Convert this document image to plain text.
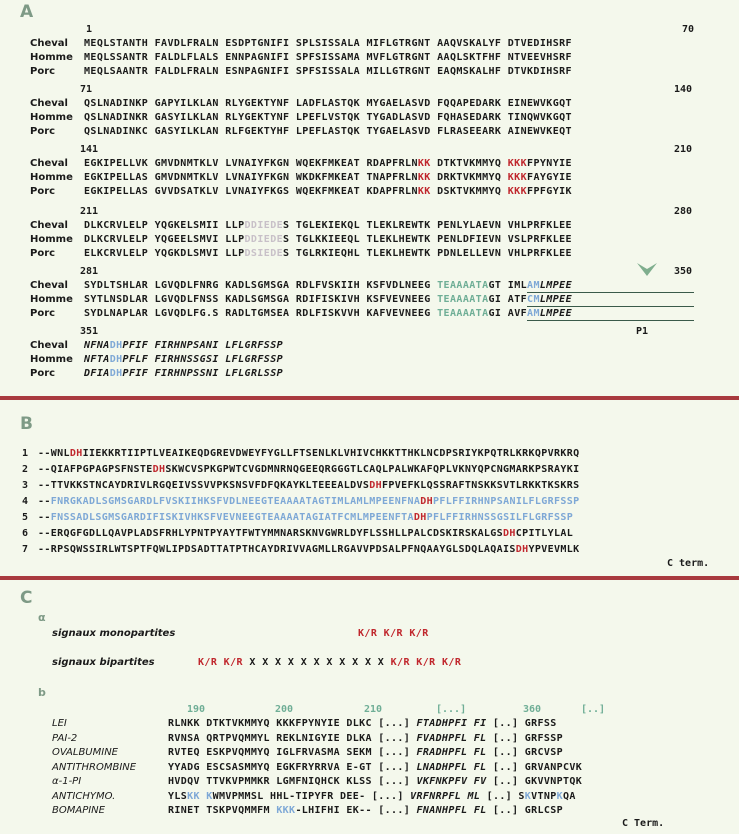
A
1	70
Cheval MEQLSTANTH FAVDLFRALN ESDPTGNIFI SPLSISSALA MIFLGTRGNT AAQVSKALYF DTVEDIHSRF
Homme MEQLSSANTR FALDLFLALS ENNPAGNIFI SPFSISSAMA MVFLGTRGNT AAQLSKTFHF NTVEEVHSRF
Porc	MEQLSAANTR FALDLFRALN ESNPAGNIFI SPFSISSALA MILLGTRGNT EAQMSKALHF DTVKDIHSRF
71	140
Cheval QSLNADINKP GAPYILKLAN RLYGEKTYNF LADFLASTQK MYGAELASVD FQQAPEDARK EINEWVKGQT
Homme QSLNADINKR GASYILKLAN RLYGEKTYNF LPEFLVSTQK TYGADLASVD FQHASEDARK TINQWVKGQT
Porc	QSLNADINKC GASYILKLAN RLFGEKTYHF LPEFLASTQK TYGAELASVD FLRASEEARK AINEWVKEQT
141	210
Cheval EGKIPELLVK GMVDNMTKLV LVNAIYFKGN WQEKFMKEAT RDAPFRLNKK DTKTVKMMYQ KKKFPYNYIE
Homme EGKIPELLAS GMVDNMTKLV LVNAIYFKGN WKDKFMKEAT TNAPFRLNKK DRKTVKMMYQ KKKFAYGYIE
Porc	EGKIPELLAS GVVDSATKLV LVNAIYFKGS WQEKFMKEAT KDAPFRLNKK DSKTVKMMYQ KKKFPFGYIK
211	280
Cheval DLKCRVLELP YQGKELSMII LLPDDIEDES TGLEKIEKQL TLEKLREWTK PENLYLAEVN VHLPRFKLEE
Homme DLKCRVLELP YQGEELSMVI LLPDDIEDES TGLKKIEEQL TLEKLHEWTK PENLDFIEVN VSLPRFKLEE
Porc	ELKCRVLELP YQGKDLSMVI LLPDSIEDES TGLRKIEQHL TLEKLHEWTK PDNLELLEVN VHLPRFKLEE
281	350
Cheval SYDLTSHLAR LGVQDLFNRG KADLSGMSGA RDLFVSKIIH KSFVDLNEEG TEAAAATAGT IMLAMLMPEE
Homme SYTLNSDLAR LGVQDLFNSS KADLSGMSGA RDIFISKIVH KSFVEVNEEG TEAAAATAGI ATFCMLMPEE
Porc	SYDLNAPLAR LGVQDLFG.S RADLTGMSEA RDLFISKVVH KAFVEVNEEG TEAAAATAGI AVFAMLMPEE
351
Cheval NFNADHPFIF FIRHNPSANI LFLGRFSSP
Homme NFTADHPFLF FIRHNSSGSI LFLGRFSSP
Porc	DFIADHPFIF FIRHNPSSNI LFLGRLSSP
P1
B
1 --WNLDHIIEKKRTIIPTLVEAIKEQDGREVDWEYFYGLLFTSENLKLVHIVCHKKTTHKLNCDPSRIYKPQTRLKRKQPVRKRQ
2 --QIAFPGPAGPSFNSTEDHSKWCVSPKGPWTCVGDMNRNQGEEQRGGGTLCAQLPALWKAFQPLVKNYQPCNGMARKPSRAYKI
3 --TTVKKSTNCAYDRIVLRGQEIVSSVVPKSNSVFDFQKAYKLTEEEALDVSDHFPVEFKLQSSRAFTNSKKSVTLRKKTKSKRS
4 --FNRGKADLSGMSGARDLFVSKIIHKSFVDLNEEGTEAAAATAGTIMLAMLMPEENFNADHPFLFFIRHNPSANILFLGRFSSP
5 --FNSSADLSGMSGARDIFISKIVHKSFVEVNEEGTEAAAATAGIATFCMLMPEENFTADHPFLFFIRHNSSGSILFLGRFSSP
6 --ERQGFGDLLQAVPLADSFRHLYPNTPYAYTFWTYMMNARSKNVGWRLDYFLSSHLLPALCDSKIRSKALGSDHCPITLYLAL
7 --RPSQWSSIRLWTSPTFQWLIPDSADTTATPTHCAYDRIVVAGMLLRGAVVPDSALPFNQAAYGLSDQLAQAISDHYPVEVMLK
C term.
C
α
signaux monopartites	K/R K/R K/R
signaux bipartites	K/R K/R X X X X X X X X X X X K/R K/R K/R
b
190	200	210	[...]	360	[..]
LEI	RLNKK DTKTVKMMYQ KKKFPYNYIE DLKC [...] FTADHPFI FI [..] GRFSS
PAI-2	RVNSA QRTPVQMMYL REKLNIGYIE DLKA [...] FVADHPFL FL [..] GRFSSP
OVALBUMINE	RVTEQ ESKPVQMMYQ IGLFRVASMA SEKM [...] FRADHPFL FL [..] GRCVSP
ANTITHROMBINE	YYADG ESCSASMMYQ EGKFRYRRVA E-GT [...] LNADHPFL FL [..] GRVANPCVK
α-1-PI	HVDQV TTVKVPMMKR LGMFNIQHCK KLSS [...] VKFNKPFV FV [..] GKVVNPTQK
ANTICHYMO.	YLSKK KWMVPMMSL HHL-TIPYFR DEE- [...] VRFNRPFL ML [..] SKVTNPKQA
BOMAPINE	RINET TSKPVQMMFM KKK-LHIFHI EK-- [...] FNANHPFL FL [..] GRLCSP
C Term.
